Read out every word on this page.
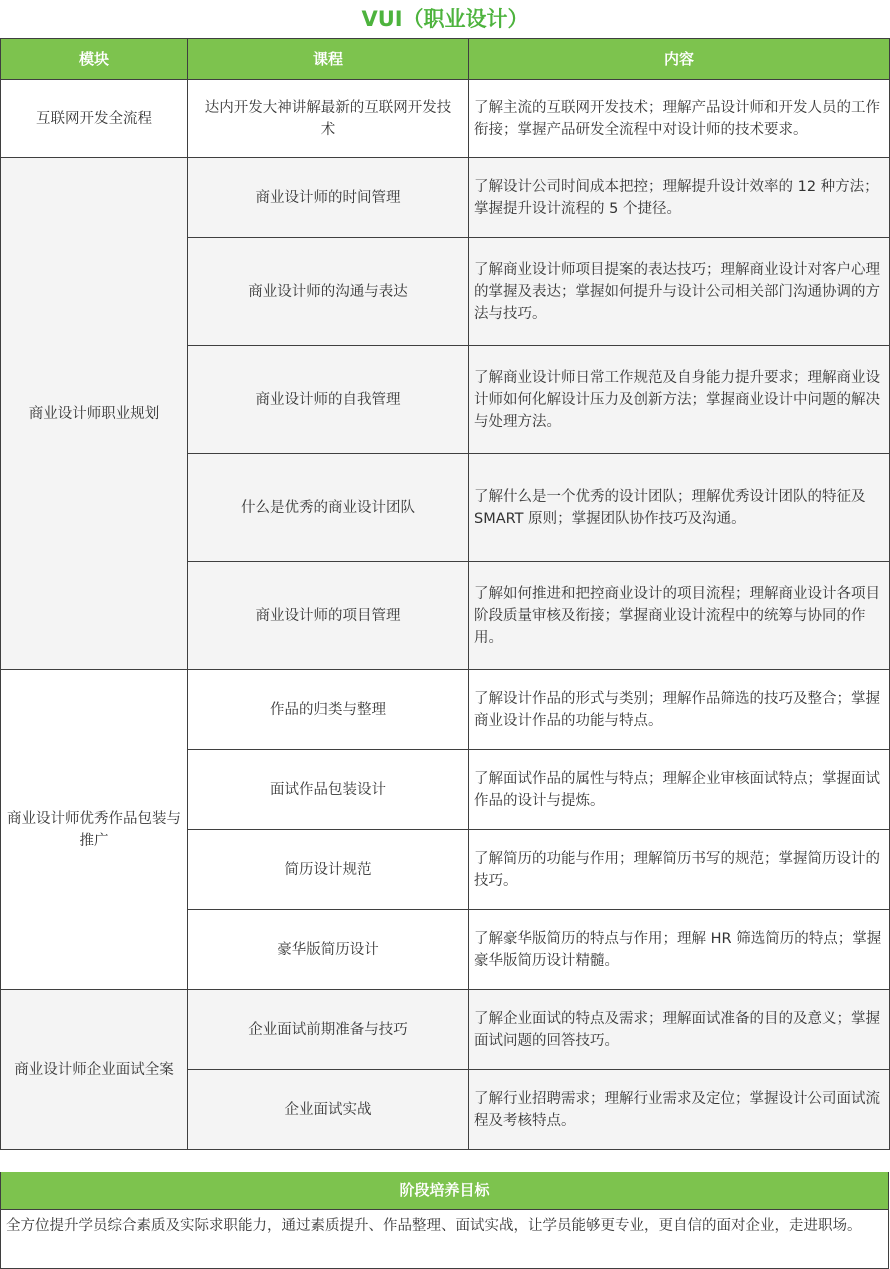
VUI（职业设计）
模块	课程	内容
互联网开发全流程	达内开发大神讲解最新的互联网开发技术	了解主流的互联网开发技术；理解产品设计师和开发人员的工作衔接；掌握产品研发全流程中对设计师的技术要求。
商业设计师职业规划	商业设计师的时间管理	了解设计公司时间成本把控；理解提升设计效率的 12 种方法；掌握提升设计流程的 5 个捷径。
	商业设计师的沟通与表达	了解商业设计师项目提案的表达技巧；理解商业设计对客户心理的掌握及表达；掌握如何提升与设计公司相关部门沟通协调的方法与技巧。
	商业设计师的自我管理	了解商业设计师日常工作规范及自身能力提升要求；理解商业设计师如何化解设计压力及创新方法；掌握商业设计中问题的解决与处理方法。
	什么是优秀的商业设计团队	了解什么是一个优秀的设计团队；理解优秀设计团队的特征及 SMART 原则；掌握团队协作技巧及沟通。
	商业设计师的项目管理	了解如何推进和把控商业设计的项目流程；理解商业设计各项目阶段质量审核及衔接；掌握商业设计流程中的统筹与协同的作用。
商业设计师优秀作品包装与推广	作品的归类与整理	了解设计作品的形式与类别；理解作品筛选的技巧及整合；掌握商业设计作品的功能与特点。
	面试作品包装设计	了解面试作品的属性与特点；理解企业审核面试特点；掌握面试作品的设计与提炼。
	简历设计规范	了解简历的功能与作用；理解简历书写的规范；掌握简历设计的技巧。
	豪华版简历设计	了解豪华版简历的特点与作用；理解 HR 筛选简历的特点；掌握豪华版简历设计精髓。
商业设计师企业面试全案	企业面试前期准备与技巧	了解企业面试的特点及需求；理解面试准备的目的及意义；掌握面试问题的回答技巧。
	企业面试实战	了解行业招聘需求；理解行业需求及定位；掌握设计公司面试流程及考核特点。
阶段培养目标
全方位提升学员综合素质及实际求职能力，通过素质提升、作品整理、面试实战，让学员能够更专业，更自信的面对企业，走进职场。
